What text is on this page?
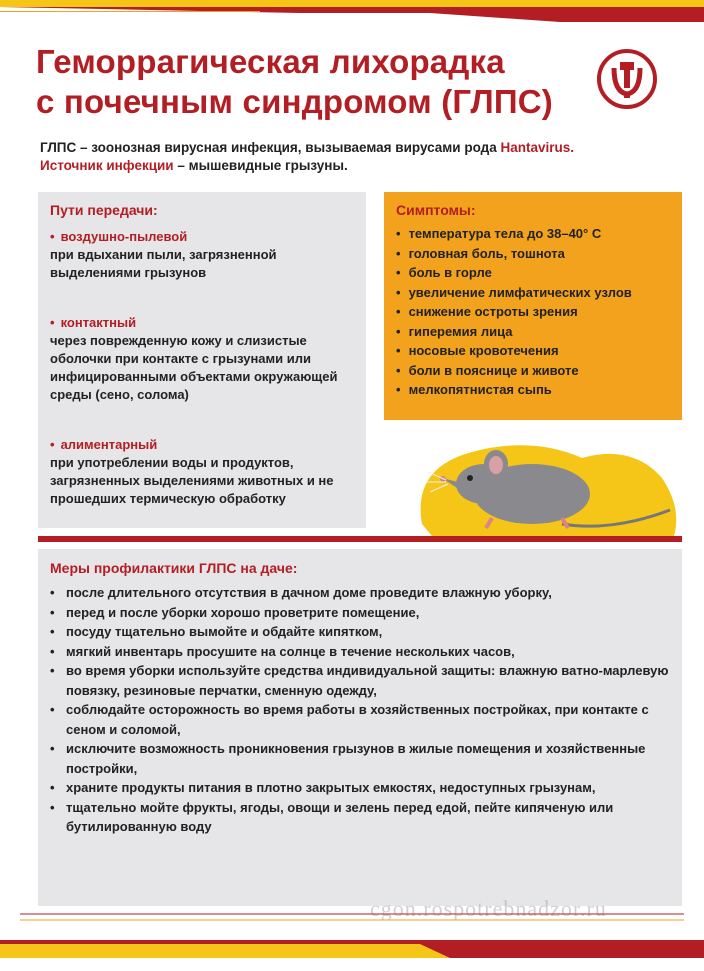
Геморрагическая лихорадка
с почечным синдромом (ГЛПС)
ГЛПС – зоонозная вирусная инфекция, вызываемая вирусами рода Hantavirus.
Источник инфекции – мышевидные грызуны.
Пути передачи:
• воздушно-пылевой
при вдыхании пыли, загрязненной выделениями грызунов
• контактный
через поврежденную кожу и слизистые оболочки при контакте с грызунами или инфицированными объектами окружающей среды (сено, солома)
• алиментарный
при употреблении воды и продуктов, загрязненных выделениями животных и не прошедших термическую обработку
Симптомы:
• температура тела до 38–40° С
• головная боль, тошнота
• боль в горле
• увеличение лимфатических узлов
• снижение остроты зрения
• гиперемия лица
• носовые кровотечения
• боли в пояснице и животе
• мелкопятнистая сыпь
Меры профилактики ГЛПС на даче:
• после длительного отсутствия в дачном доме проведите влажную уборку,
• перед и после уборки хорошо проветрите помещение,
• посуду тщательно вымойте и обдайте кипятком,
• мягкий инвентарь просушите на солнце в течение нескольких часов,
• во время уборки используйте средства индивидуальной защиты: влажную ватно-марлевую повязку, резиновые перчатки, сменную одежду,
• соблюдайте осторожность во время работы в хозяйственных постройках, при контакте с сеном и соломой,
• исключите возможность проникновения грызунов в жилые помещения и хозяйственные постройки,
• храните продукты питания в плотно закрытых емкостях, недоступных грызунам,
• тщательно мойте фрукты, ягоды, овощи и зелень перед едой, пейте кипяченую или бутилированную воду
cgon.rospotrebnadzor.ru
